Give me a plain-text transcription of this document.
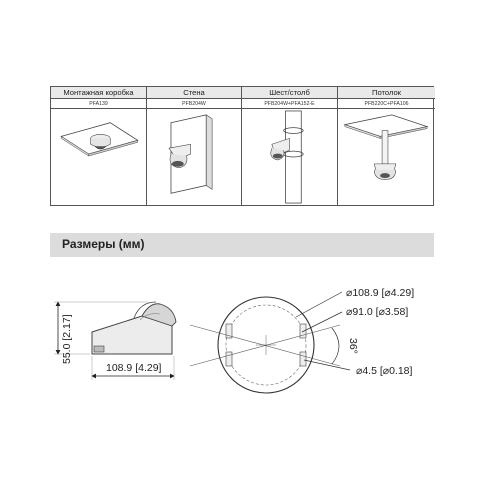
Монтажная коробка	Стена	Шест/столб	Потолок
PFA139	PFB204W	PFB204W+PFA152-E	PFB220C+PFA106
Размеры (мм)
55.0 [2.17]
108.9 [4.29]
⌀108.9 [⌀4.29]
⌀91.0 [⌀3.58]
36°
⌀4.5 [⌀0.18]
